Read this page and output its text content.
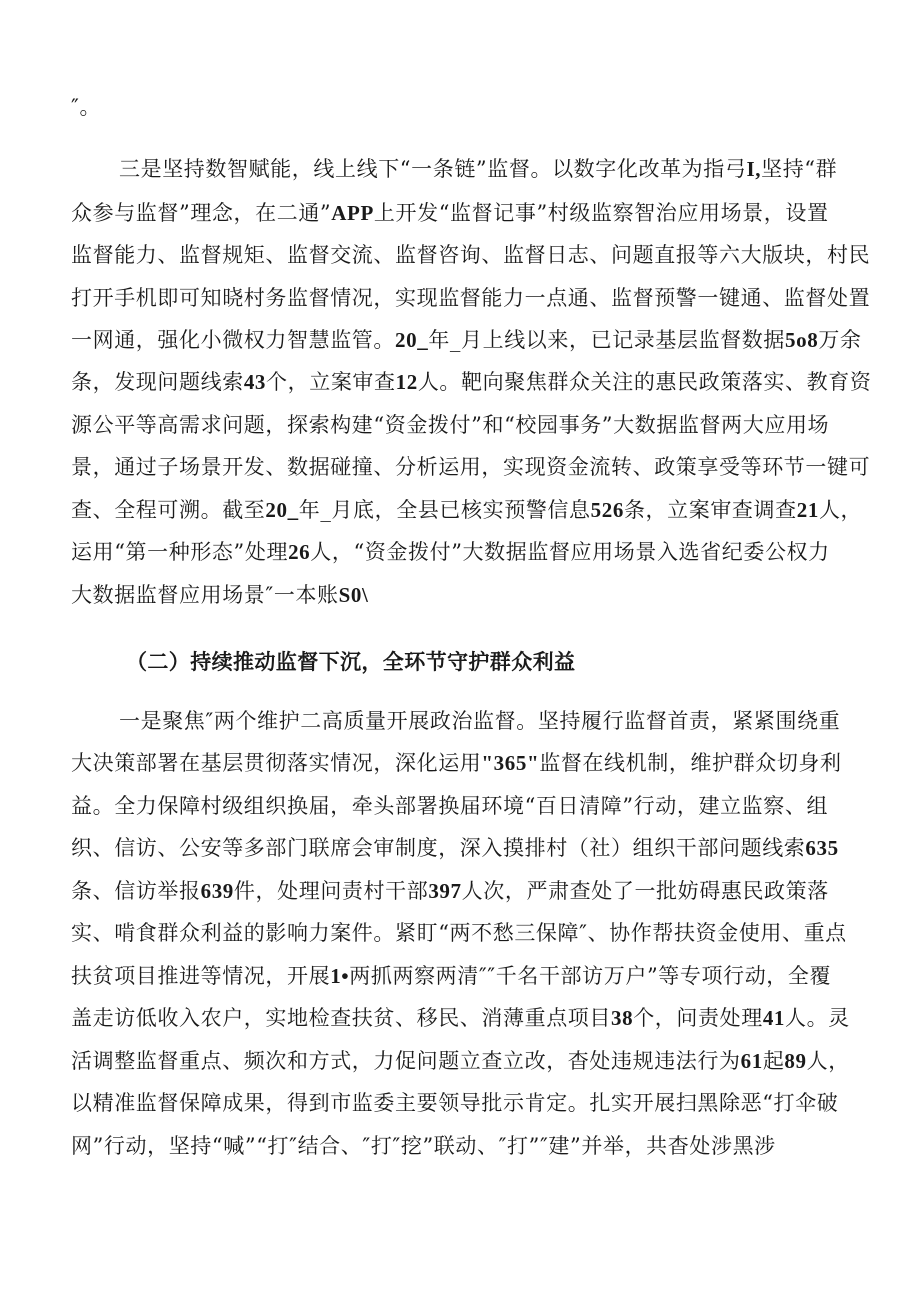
″。
三是坚持数智赋能，线上线下“一条链”监督。以数字化改革为指弓I,坚持“群
众参与监督”理念，在二通”APP上开发“监督记事”村级监察智治应用场景，设置
监督能力、监督规矩、监督交流、监督咨询、监督日志、问题直报等六大版块，村民
打开手机即可知晓村务监督情况，实现监督能力一点通、监督预警一键通、监督处置
一网通，强化小微权力智慧监管。20_年_月上线以来，已记录基层监督数据5o8万余
条，发现问题线索43个，立案审查12人。靶向聚焦群众关注的惠民政策落实、教育资
源公平等高需求问题，探索构建“资金拨付”和“校园事务”大数据监督两大应用场
景，通过子场景开发、数据碰撞、分析运用，实现资金流转、政策享受等环节一键可
查、全程可溯。截至20_年_月底，全县已核实预警信息526条，立案审查调查21人，
运用“第一种形态”处理26人，“资金拨付”大数据监督应用场景入选省纪委公权力
大数据监督应用场景″一本账S0\
（二）持续推动监督下沉，全环节守护群众利益
一是聚焦″两个维护二高质量开展政治监督。坚持履行监督首责，紧紧围绕重
大决策部署在基层贯彻落实情况，深化运用"365"监督在线机制，维护群众切身利
益。全力保障村级组织换届，牵头部署换届环境“百日清障”行动，建立监察、组
织、信访、公安等多部门联席会审制度，深入摸排村（社）组织干部问题线索635
条、信访举报639件，处理问责村干部397人次，严肃查处了一批妨碍惠民政策落
实、啃食群众利益的影响力案件。紧盯“两不愁三保障″、协作帮扶资金使用、重点
扶贫项目推进等情况，开展1•两抓两察两清″″千名干部访万户”等专项行动，全覆
盖走访低收入农户，实地检查扶贫、移民、消薄重点项目38个，问责处理41人。灵
活调整监督重点、频次和方式，力促问题立查立改，杳处违规违法行为61起89人，
以精准监督保障成果，得到市监委主要领导批示肯定。扎实开展扫黑除恶“打伞破
网”行动，坚持“喊”“打″结合、″打″挖”联动、″打”″建”并举，共杳处涉黑涉
